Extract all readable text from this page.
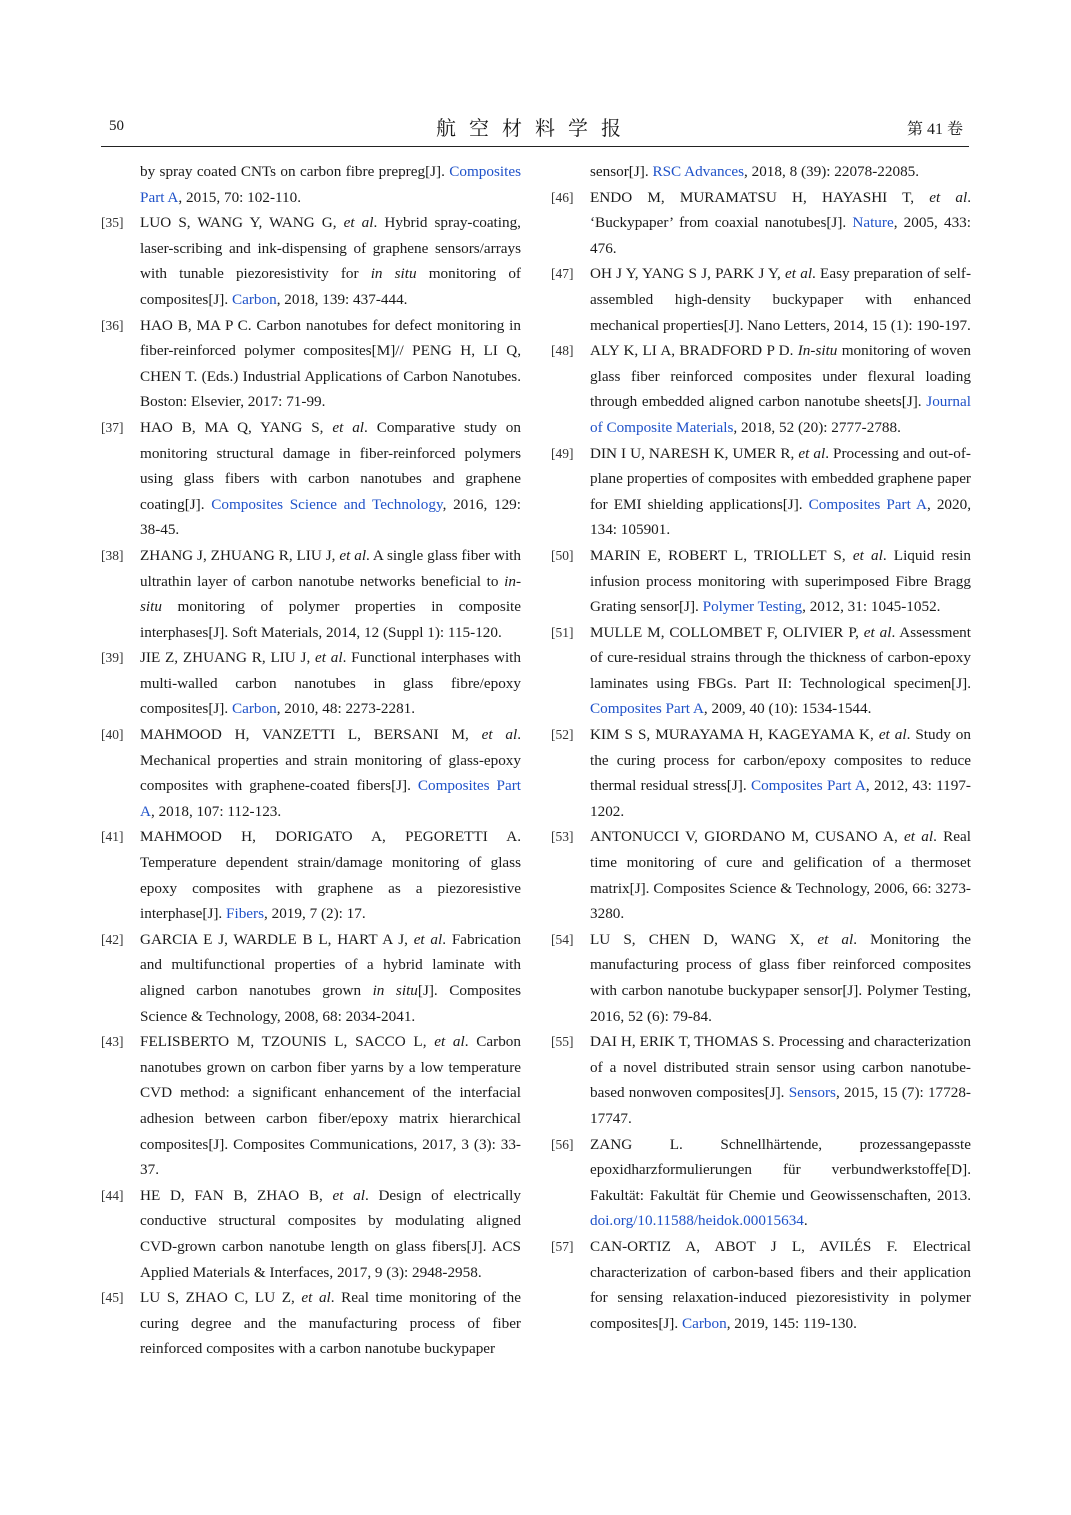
50	航空材料学报	第 41 卷
by spray coated CNTs on carbon fibre prepreg[J]. Composites Part A, 2015, 70: 102-110.
[35] LUO S, WANG Y, WANG G, et al. Hybrid spray-coating, laser-scribing and ink-dispensing of graphene sensors/arrays with tunable piezoresistivity for in situ monitoring of composites[J]. Carbon, 2018, 139: 437-444.
[36] HAO B, MA P C. Carbon nanotubes for defect monitoring in fiber-reinforced polymer composites[M]// PENG H, LI Q, CHEN T. (Eds.) Industrial Applications of Carbon Nanotubes. Boston: Elsevier, 2017: 71-99.
[37] HAO B, MA Q, YANG S, et al. Comparative study on monitoring structural damage in fiber-reinforced polymers using glass fibers with carbon nanotubes and graphene coating[J]. Composites Science and Technology, 2016, 129: 38-45.
[38] ZHANG J, ZHUANG R, LIU J, et al. A single glass fiber with ultrathin layer of carbon nanotube networks beneficial to in-situ monitoring of polymer properties in composite interphases[J]. Soft Materials, 2014, 12 (Suppl 1): 115-120.
[39] JIE Z, ZHUANG R, LIU J, et al. Functional interphases with multi-walled carbon nanotubes in glass fibre/epoxy composites[J]. Carbon, 2010, 48: 2273-2281.
[40] MAHMOOD H, VANZETTI L, BERSANI M, et al. Mechanical properties and strain monitoring of glass-epoxy composites with graphene-coated fibers[J]. Composites Part A, 2018, 107: 112-123.
[41] MAHMOOD H, DORIGATO A, PEGORETTI A. Temperature dependent strain/damage monitoring of glass epoxy composites with graphene as a piezoresistive interphase[J]. Fibers, 2019, 7 (2): 17.
[42] GARCIA E J, WARDLE B L, HART A J, et al. Fabrication and multifunctional properties of a hybrid laminate with aligned carbon nanotubes grown in situ[J]. Composites Science & Technology, 2008, 68: 2034-2041.
[43] FELISBERTO M, TZOUNIS L, SACCO L, et al. Carbon nanotubes grown on carbon fiber yarns by a low temperature CVD method: a significant enhancement of the interfacial adhesion between carbon fiber/epoxy matrix hierarchical composites[J]. Composites Communications, 2017, 3 (3): 33-37.
[44] HE D, FAN B, ZHAO B, et al. Design of electrically conductive structural composites by modulating aligned CVD-grown carbon nanotube length on glass fibers[J]. ACS Applied Materials & Interfaces, 2017, 9 (3): 2948-2958.
[45] LU S, ZHAO C, LU Z, et al. Real time monitoring of the curing degree and the manufacturing process of fiber reinforced composites with a carbon nanotube buckypaper
sensor[J]. RSC Advances, 2018, 8 (39): 22078-22085.
[46] ENDO M, MURAMATSU H, HAYASHI T, et al. ‘Buckypaper’ from coaxial nanotubes[J]. Nature, 2005, 433: 476.
[47] OH J Y, YANG S J, PARK J Y, et al. Easy preparation of self-assembled high-density buckypaper with enhanced mechanical properties[J]. Nano Letters, 2014, 15 (1): 190-197.
[48] ALY K, LI A, BRADFORD P D. In-situ monitoring of woven glass fiber reinforced composites under flexural loading through embedded aligned carbon nanotube sheets[J]. Journal of Composite Materials, 2018, 52 (20): 2777-2788.
[49] DIN I U, NARESH K, UMER R, et al. Processing and out-of-plane properties of composites with embedded graphene paper for EMI shielding applications[J]. Composites Part A, 2020, 134: 105901.
[50] MARIN E, ROBERT L, TRIOLLET S, et al. Liquid resin infusion process monitoring with superimposed Fibre Bragg Grating sensor[J]. Polymer Testing, 2012, 31: 1045-1052.
[51] MULLE M, COLLOMBET F, OLIVIER P, et al. Assessment of cure-residual strains through the thickness of carbon-epoxy laminates using FBGs. Part II: Technological specimen[J]. Composites Part A, 2009, 40 (10): 1534-1544.
[52] KIM S S, MURAYAMA H, KAGEYAMA K, et al. Study on the curing process for carbon/epoxy composites to reduce thermal residual stress[J]. Composites Part A, 2012, 43: 1197-1202.
[53] ANTONUCCI V, GIORDANO M, CUSANO A, et al. Real time monitoring of cure and gelification of a thermoset matrix[J]. Composites Science & Technology, 2006, 66: 3273-3280.
[54] LU S, CHEN D, WANG X, et al. Monitoring the manufacturing process of glass fiber reinforced composites with carbon nanotube buckypaper sensor[J]. Polymer Testing, 2016, 52 (6): 79-84.
[55] DAI H, ERIK T, THOMAS S. Processing and characterization of a novel distributed strain sensor using carbon nanotube-based nonwoven composites[J]. Sensors, 2015, 15 (7): 17728-17747.
[56] ZANG L. Schnellhärtende, prozessangepasste epoxidharzformulierungen für verbundwerkstoffe[D]. Fakultät: Fakultät für Chemie und Geowissenschaften, 2013. doi.org/10.11588/heidok.00015634.
[57] CAN-ORTIZ A, ABOT J L, AVILÉS F. Electrical characterization of carbon-based fibers and their application for sensing relaxation-induced piezoresistivity in polymer composites[J]. Carbon, 2019, 145: 119-130.
